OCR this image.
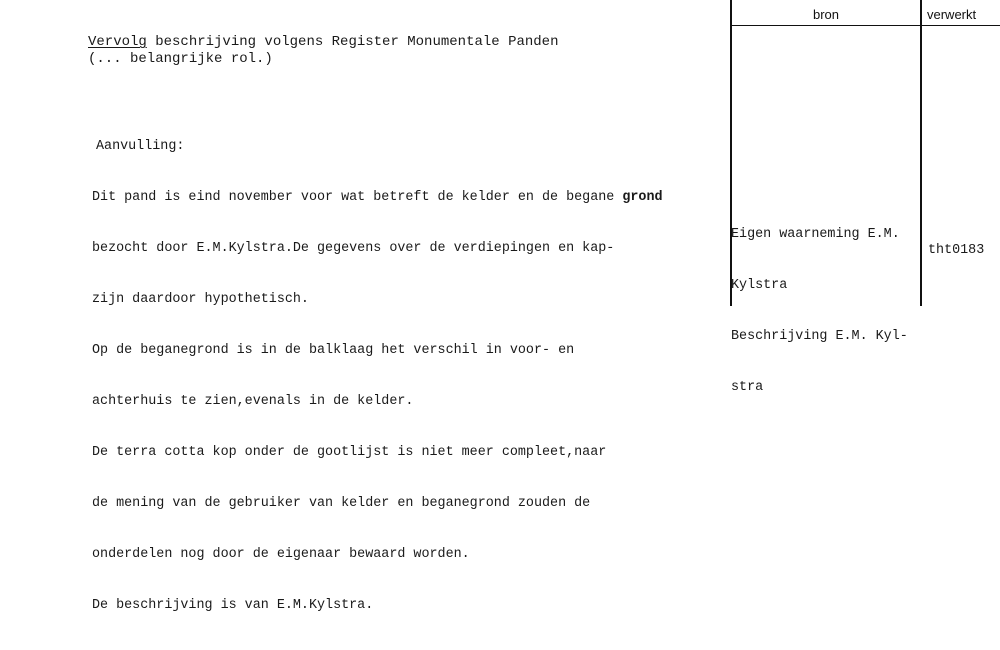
Vervolg beschrijving volgens Register Monumentale Panden
(... belangrijke rol.)

Aanvulling:

Dit pand is eind november voor wat betreft de kelder en de begane grond

bezocht door E.M.Kylstra.De gegevens over de verdiepingen en kap-

zijn daardoor hypothetisch.

Op de beganegrond is in de balklaag het verschil in voor- en

achterhuis te zien,evenals in de kelder.

De terra cotta kop onder de gootlijst is niet meer compleet,naar

de mening van de gebruiker van kelder en beganegrond zouden de

onderdelen nog door de eigenaar bewaard worden.

De beschrijving is van E.M.Kylstra.

bron	verwerkt

Eigen waarneming E.M.

Kylstra

Beschrijving E.M. Kyl-

stra

tht0183
